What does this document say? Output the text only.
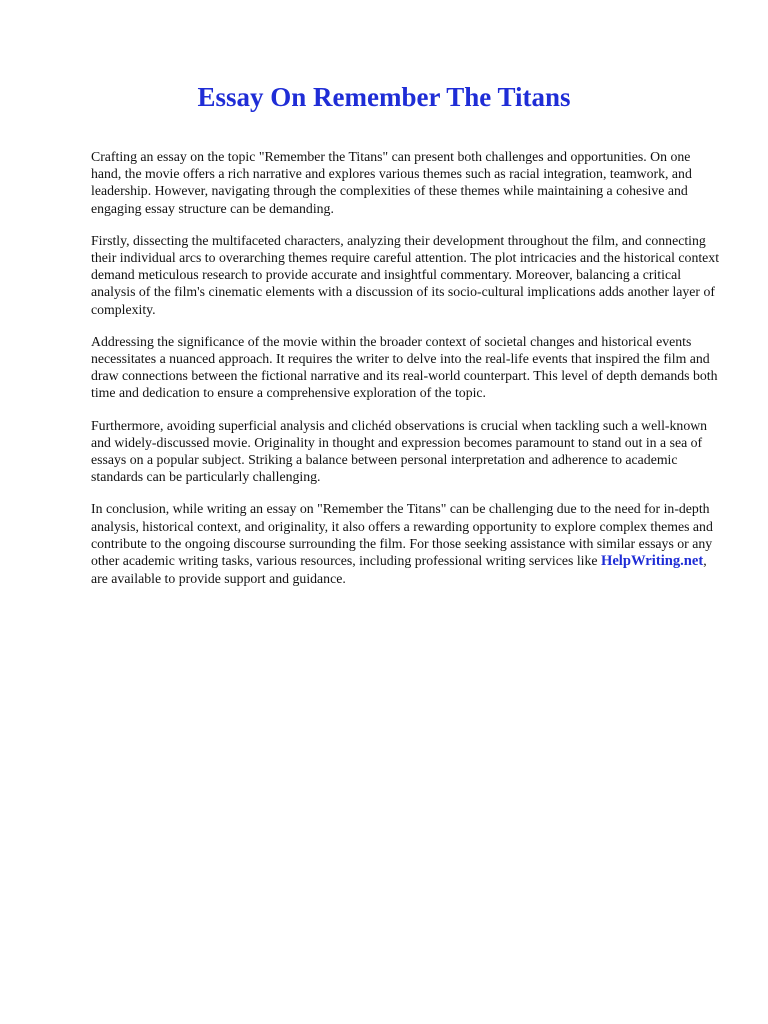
Essay On Remember The Titans

Crafting an essay on the topic "Remember the Titans" can present both challenges and opportunities. On one hand, the movie offers a rich narrative and explores various themes such as racial integration, teamwork, and leadership. However, navigating through the complexities of these themes while maintaining a cohesive and engaging essay structure can be demanding.

Firstly, dissecting the multifaceted characters, analyzing their development throughout the film, and connecting their individual arcs to overarching themes require careful attention. The plot intricacies and the historical context demand meticulous research to provide accurate and insightful commentary. Moreover, balancing a critical analysis of the film's cinematic elements with a discussion of its socio-cultural implications adds another layer of complexity.

Addressing the significance of the movie within the broader context of societal changes and historical events necessitates a nuanced approach. It requires the writer to delve into the real-life events that inspired the film and draw connections between the fictional narrative and its real-world counterpart. This level of depth demands both time and dedication to ensure a comprehensive exploration of the topic.

Furthermore, avoiding superficial analysis and clichéd observations is crucial when tackling such a well-known and widely-discussed movie. Originality in thought and expression becomes paramount to stand out in a sea of essays on a popular subject. Striking a balance between personal interpretation and adherence to academic standards can be particularly challenging.

In conclusion, while writing an essay on "Remember the Titans" can be challenging due to the need for in-depth analysis, historical context, and originality, it also offers a rewarding opportunity to explore complex themes and contribute to the ongoing discourse surrounding the film. For those seeking assistance with similar essays or any other academic writing tasks, various resources, including professional writing services like HelpWriting.net, are available to provide support and guidance.
